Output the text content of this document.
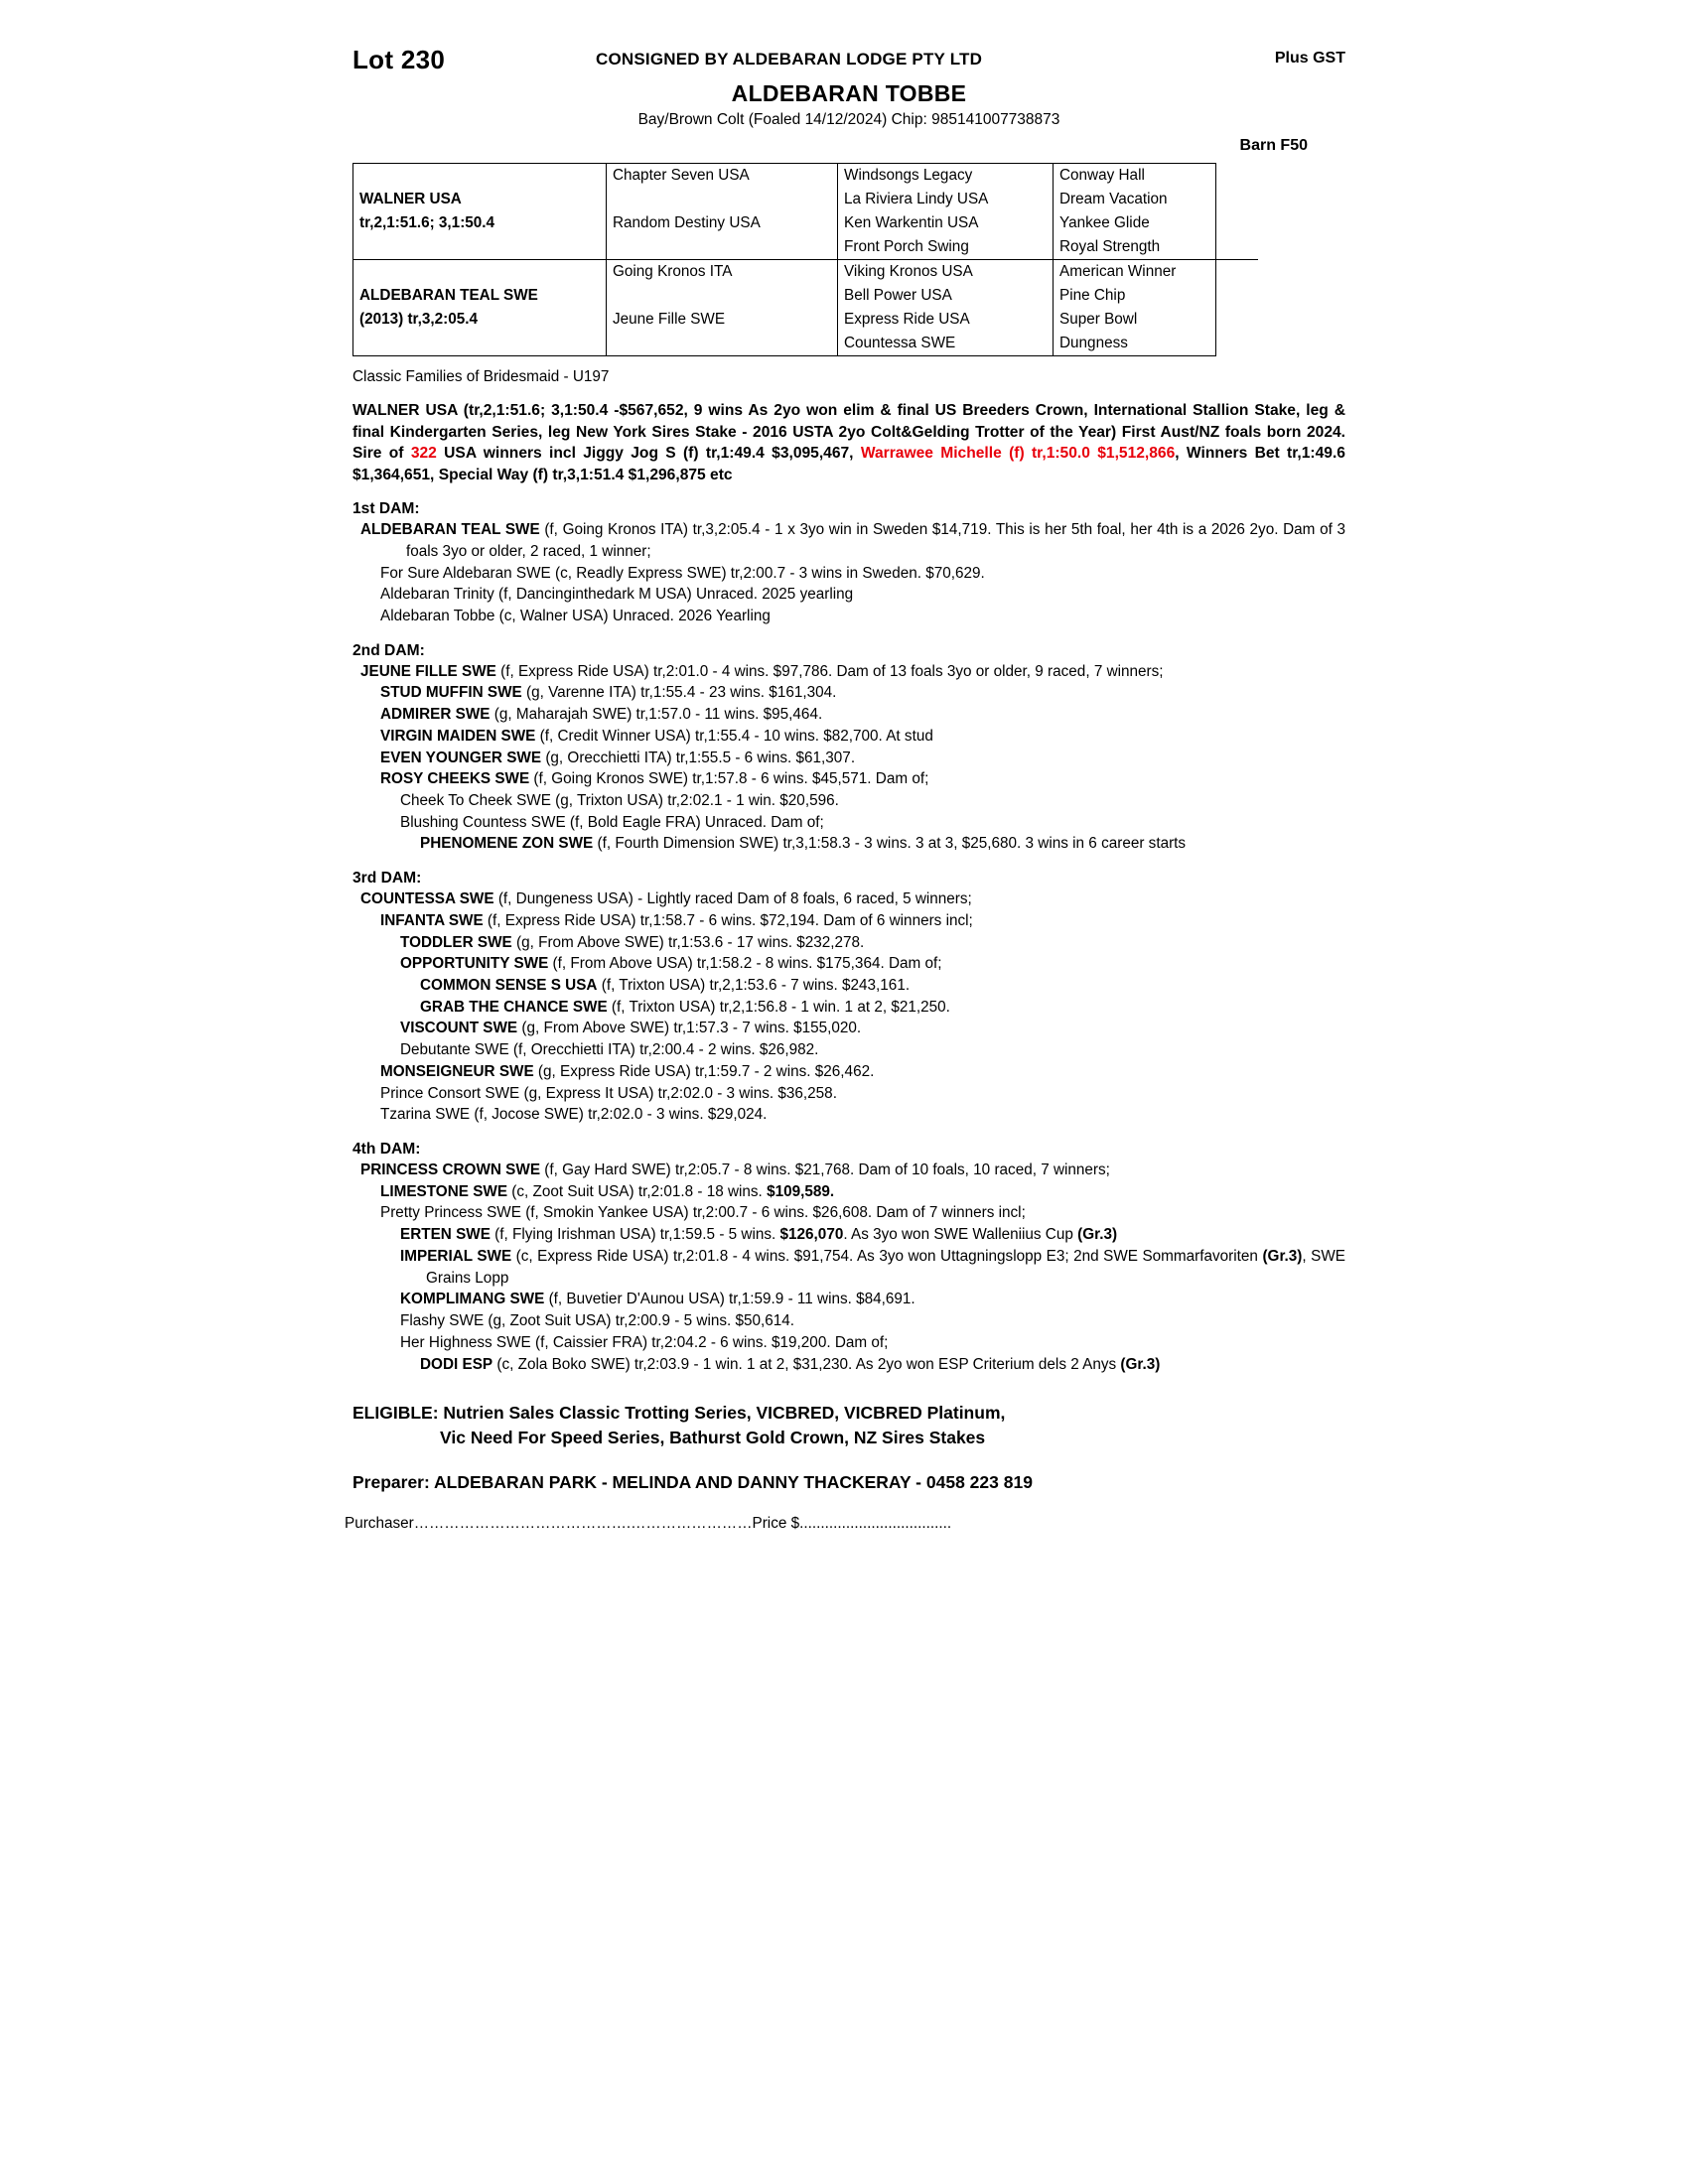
Lot 230	CONSIGNED BY ALDEBARAN LODGE PTY LTD	Plus GST
ALDEBARAN TOBBE
Bay/Brown Colt (Foaled 14/12/2024) Chip: 985141007738873
Barn F50
	Chapter Seven USA	Windsongs Legacy	Conway Hall
WALNER USA		La Riviera Lindy USA	Dream Vacation
tr,2,1:51.6; 3,1:50.4	Random Destiny USA	Ken Warkentin USA	Yankee Glide
		Front Porch Swing	Royal Strength
	Going Kronos ITA	Viking Kronos USA	American Winner
ALDEBARAN TEAL SWE		Bell Power USA	Pine Chip
(2013) tr,3,2:05.4	Jeune Fille SWE	Express Ride USA	Super Bowl
		Countessa SWE	Dungness
Classic Families of Bridesmaid - U197
WALNER USA (tr,2,1:51.6; 3,1:50.4 -$567,652, 9 wins As 2yo won elim & final US Breeders Crown, International Stallion Stake, leg & final Kindergarten Series, leg New York Sires Stake - 2016 USTA 2yo Colt&Gelding Trotter of the Year) First Aust/NZ foals born 2024. Sire of 322 USA winners incl Jiggy Jog S (f) tr,1:49.4 $3,095,467, Warrawee Michelle (f) tr,1:50.0 $1,512,866, Winners Bet tr,1:49.6 $1,364,651, Special Way (f) tr,3,1:51.4 $1,296,875 etc
1st DAM:
ALDEBARAN TEAL SWE (f, Going Kronos ITA) tr,3,2:05.4 - 1 x 3yo win in Sweden $14,719. This is her 5th foal, her 4th is a 2026 2yo. Dam of 3 foals 3yo or older, 2 raced, 1 winner;
For Sure Aldebaran SWE (c, Readly Express SWE) tr,2:00.7 - 3 wins in Sweden. $70,629.
Aldebaran Trinity (f, Dancinginthedark M USA) Unraced. 2025 yearling
Aldebaran Tobbe (c, Walner USA) Unraced. 2026 Yearling
2nd DAM:
JEUNE FILLE SWE (f, Express Ride USA) tr,2:01.0 - 4 wins. $97,786. Dam of 13 foals 3yo or older, 9 raced, 7 winners;
STUD MUFFIN SWE (g, Varenne ITA) tr,1:55.4 - 23 wins. $161,304.
ADMIRER SWE (g, Maharajah SWE) tr,1:57.0 - 11 wins. $95,464.
VIRGIN MAIDEN SWE (f, Credit Winner USA) tr,1:55.4 - 10 wins. $82,700. At stud
EVEN YOUNGER SWE (g, Orecchietti ITA) tr,1:55.5 - 6 wins. $61,307.
ROSY CHEEKS SWE (f, Going Kronos SWE) tr,1:57.8 - 6 wins. $45,571. Dam of;
Cheek To Cheek SWE (g, Trixton USA) tr,2:02.1 - 1 win. $20,596.
Blushing Countess SWE (f, Bold Eagle FRA) Unraced. Dam of;
PHENOMENE ZON SWE (f, Fourth Dimension SWE) tr,3,1:58.3 - 3 wins. 3 at 3, $25,680. 3 wins in 6 career starts
3rd DAM:
COUNTESSA SWE (f, Dungeness USA) - Lightly raced Dam of 8 foals, 6 raced, 5 winners;
INFANTA SWE (f, Express Ride USA) tr,1:58.7 - 6 wins. $72,194. Dam of 6 winners incl;
TODDLER SWE (g, From Above SWE) tr,1:53.6 - 17 wins. $232,278.
OPPORTUNITY SWE (f, From Above USA) tr,1:58.2 - 8 wins. $175,364. Dam of;
COMMON SENSE S USA (f, Trixton USA) tr,2,1:53.6 - 7 wins. $243,161.
GRAB THE CHANCE SWE (f, Trixton USA) tr,2,1:56.8 - 1 win. 1 at 2, $21,250.
VISCOUNT SWE (g, From Above SWE) tr,1:57.3 - 7 wins. $155,020.
Debutante SWE (f, Orecchietti ITA) tr,2:00.4 - 2 wins. $26,982.
MONSEIGNEUR SWE (g, Express Ride USA) tr,1:59.7 - 2 wins. $26,462.
Prince Consort SWE (g, Express It USA) tr,2:02.0 - 3 wins. $36,258.
Tzarina SWE (f, Jocose SWE) tr,2:02.0 - 3 wins. $29,024.
4th DAM:
PRINCESS CROWN SWE (f, Gay Hard SWE) tr,2:05.7 - 8 wins. $21,768. Dam of 10 foals, 10 raced, 7 winners;
LIMESTONE SWE (c, Zoot Suit USA) tr,2:01.8 - 18 wins. $109,589.
Pretty Princess SWE (f, Smokin Yankee USA) tr,2:00.7 - 6 wins. $26,608. Dam of 7 winners incl;
ERTEN SWE (f, Flying Irishman USA) tr,1:59.5 - 5 wins. $126,070. As 3yo won SWE Walleniius Cup (Gr.3)
IMPERIAL SWE (c, Express Ride USA) tr,2:01.8 - 4 wins. $91,754. As 3yo won Uttagningslopp E3; 2nd SWE Sommarfavoriten (Gr.3), SWE Grains Lopp
KOMPLIMANG SWE (f, Buvetier D'Aunou USA) tr,1:59.9 - 11 wins. $84,691.
Flashy SWE (g, Zoot Suit USA) tr,2:00.9 - 5 wins. $50,614.
Her Highness SWE (f, Caissier FRA) tr,2:04.2 - 6 wins. $19,200. Dam of;
DODI ESP (c, Zola Boko SWE) tr,2:03.9 - 1 win. 1 at 2, $31,230. As 2yo won ESP Criterium dels 2 Anys (Gr.3)
ELIGIBLE: Nutrien Sales Classic Trotting Series, VICBRED, VICBRED Platinum,
Vic Need For Speed Series, Bathurst Gold Crown, NZ Sires Stakes
Preparer: ALDEBARAN PARK - MELINDA AND DANNY THACKERAY - 0458 223 819
Purchaser…………………………………….……………………Price $....................................
